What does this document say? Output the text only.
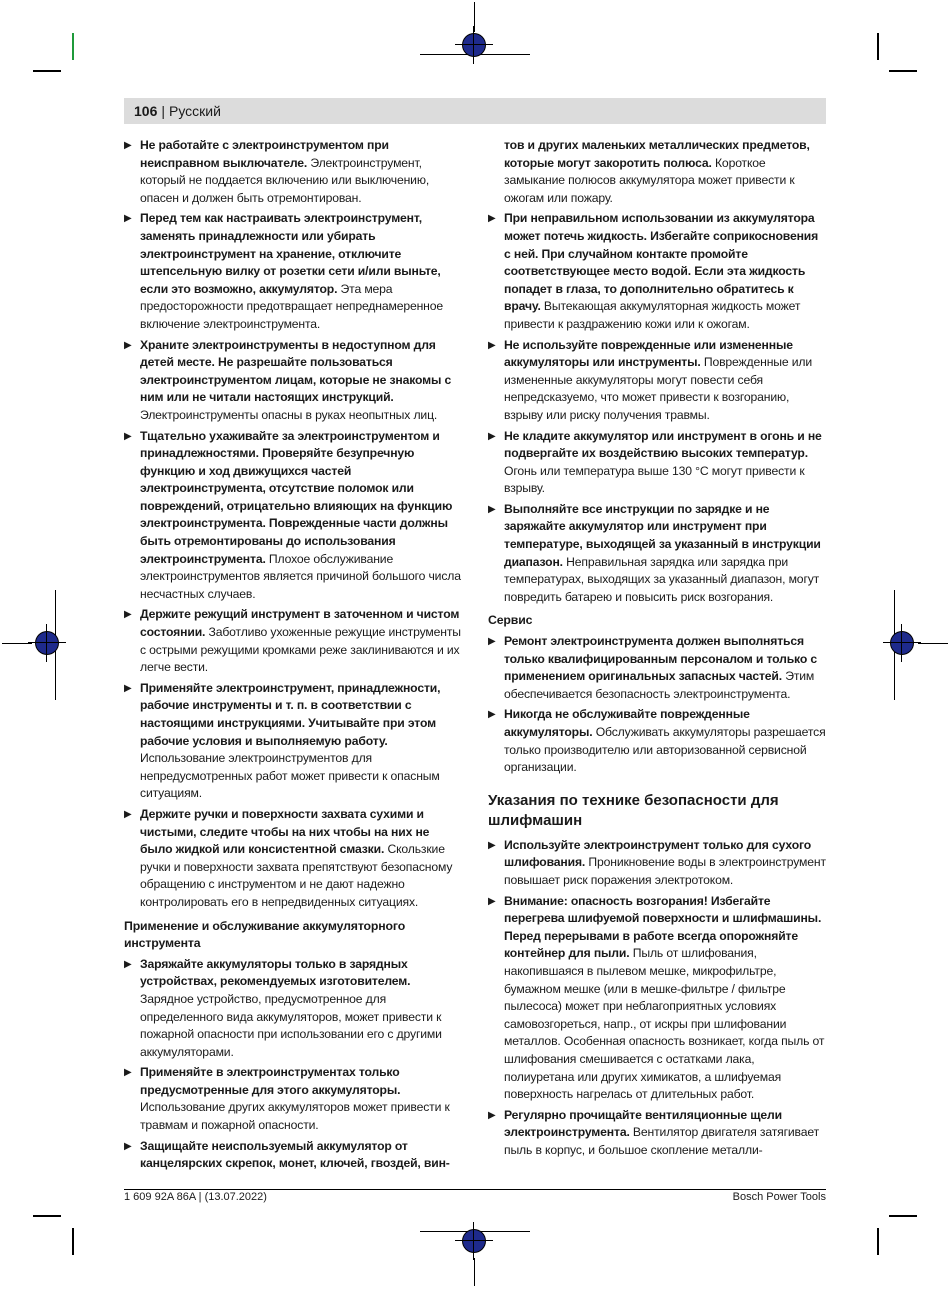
106 | Русский
▶ Не работайте с электроинструментом при неисправном выключателе. Электроинструмент, который не поддается включению или выключению, опасен и должен быть отремонтирован.
▶ Перед тем как настраивать электроинструмент, заменять принадлежности или убирать электроинструмент на хранение, отключите штепсельную вилку от розетки сети и/или выньте, если это возможно, аккумулятор. Эта мера предосторожности предотвращает непреднамеренное включение электроинструмента.
▶ Храните электроинструменты в недоступном для детей месте. Не разрешайте пользоваться электроинструментом лицам, которые не знакомы с ним или не читали настоящих инструкций. Электроинструменты опасны в руках неопытных лиц.
▶ Тщательно ухаживайте за электроинструментом и принадлежностями. Проверяйте безупречную функцию и ход движущихся частей электроинструмента, отсутствие поломок или повреждений, отрицательно влияющих на функцию электроинструмента. Поврежденные части должны быть отремонтированы до использования электроинструмента. Плохое обслуживание электроинструментов является причиной большого числа несчастных случаев.
▶ Держите режущий инструмент в заточенном и чистом состоянии. Заботливо ухоженные режущие инструменты с острыми режущими кромками реже заклиниваются и их легче вести.
▶ Применяйте электроинструмент, принадлежности, рабочие инструменты и т. п. в соответствии с настоящими инструкциями. Учитывайте при этом рабочие условия и выполняемую работу. Использование электроинструментов для непредусмотренных работ может привести к опасным ситуациям.
▶ Держите ручки и поверхности захвата сухими и чистыми, следите чтобы на них чтобы на них не было жидкой или консистентной смазки. Скользкие ручки и поверхности захвата препятствуют безопасному обращению с инструментом и не дают надежно контролировать его в непредвиденных ситуациях.
Применение и обслуживание аккумуляторного инструмента
▶ Заряжайте аккумуляторы только в зарядных устройствах, рекомендуемых изготовителем. Зарядное устройство, предусмотренное для определенного вида аккумуляторов, может привести к пожарной опасности при использовании его с другими аккумуляторами.
▶ Применяйте в электроинструментах только предусмотренные для этого аккумуляторы. Использование других аккумуляторов может привести к травмам и пожарной опасности.
▶ Защищайте неиспользуемый аккумулятор от канцелярских скрепок, монет, ключей, гвоздей, вин-
тов и других маленьких металлических предметов, которые могут закоротить полюса. Короткое замыкание полюсов аккумулятора может привести к ожогам или пожару.
▶ При неправильном использовании из аккумулятора может потечь жидкость. Избегайте соприкосновения с ней. При случайном контакте промойте соответствующее место водой. Если эта жидкость попадет в глаза, то дополнительно обратитесь к врачу. Вытекающая аккумуляторная жидкость может привести к раздражению кожи или к ожогам.
▶ Не используйте поврежденные или измененные аккумуляторы или инструменты. Поврежденные или измененные аккумуляторы могут повести себя непредсказуемо, что может привести к возгоранию, взрыву или риску получения травмы.
▶ Не кладите аккумулятор или инструмент в огонь и не подвергайте их воздействию высоких температур. Огонь или температура выше 130 °C могут привести к взрыву.
▶ Выполняйте все инструкции по зарядке и не заряжайте аккумулятор или инструмент при температуре, выходящей за указанный в инструкции диапазон. Неправильная зарядка или зарядка при температурах, выходящих за указанный диапазон, могут повредить батарею и повысить риск возгорания.
Сервис
▶ Ремонт электроинструмента должен выполняться только квалифицированным персоналом и только с применением оригинальных запасных частей. Этим обеспечивается безопасность электроинструмента.
▶ Никогда не обслуживайте поврежденные аккумуляторы. Обслуживать аккумуляторы разрешается только производителю или авторизованной сервисной организации.
Указания по технике безопасности для шлифмашин
▶ Используйте электроинструмент только для сухого шлифования. Проникновение воды в электроинструмент повышает риск поражения электротоком.
▶ Внимание: опасность возгорания! Избегайте перегрева шлифуемой поверхности и шлифмашины. Перед перерывами в работе всегда опорожняйте контейнер для пыли. Пыль от шлифования, накопившаяся в пылевом мешке, микрофильтре, бумажном мешке (или в мешке-фильтре / фильтре пылесоса) может при неблагоприятных условиях самовозгореться, напр., от искры при шлифовании металлов. Особенная опасность возникает, когда пыль от шлифования смешивается с остатками лака, полиуретана или других химикатов, а шлифуемая поверхность нагрелась от длительных работ.
▶ Регулярно прочищайте вентиляционные щели электроинструмента. Вентилятор двигателя затягивает пыль в корпус, и большое скопление металли-
1 609 92A 86A | (13.07.2022)	Bosch Power Tools
